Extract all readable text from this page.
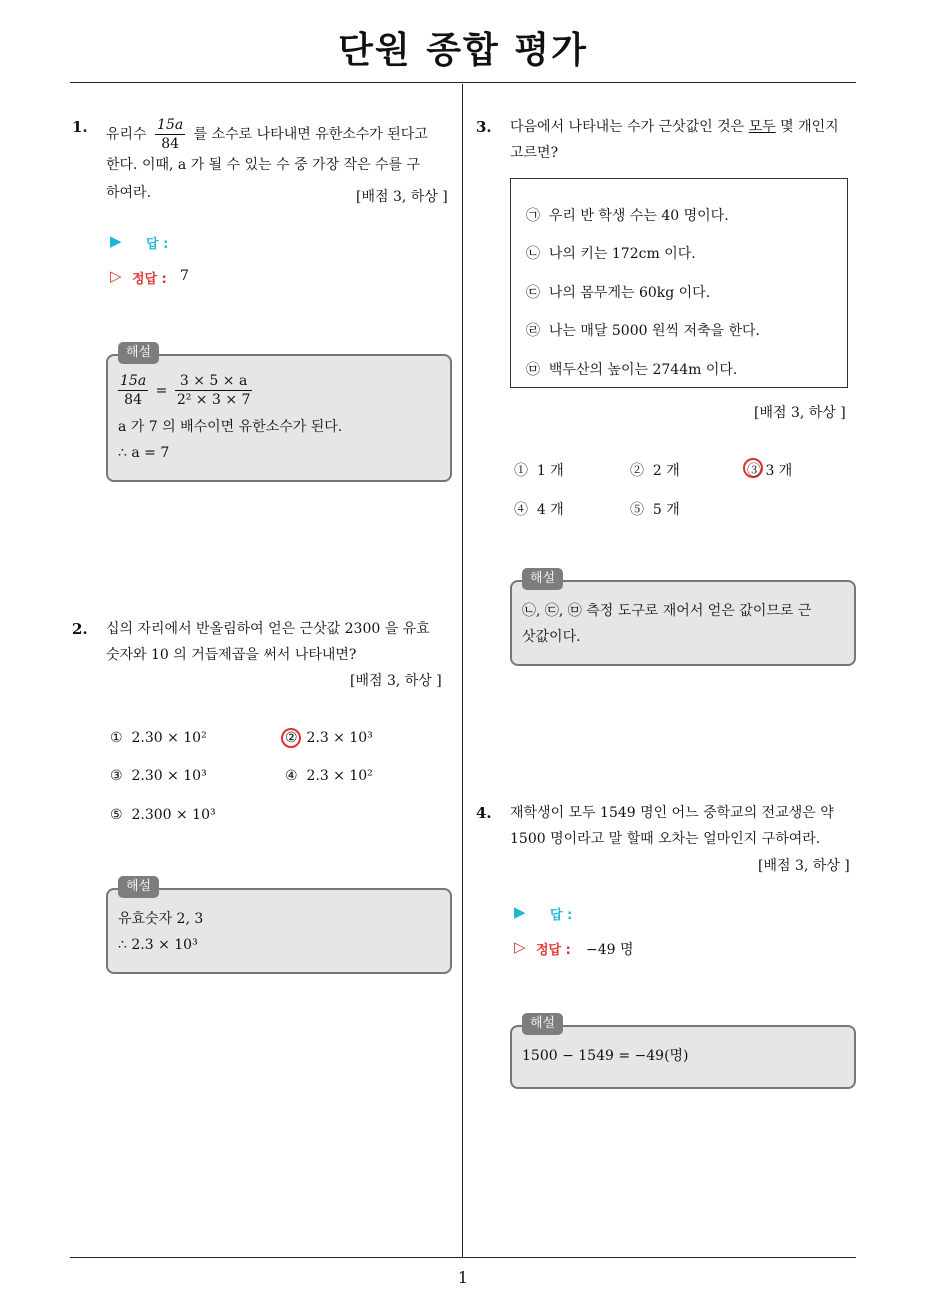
단원 종합 평가
1. 유리수 $\frac{15a}{84}$ 를 소수로 나타내면 유한소수가 된다고
한다. 이때, a 가 될 수 있는 수 중 가장 작은 수를 구
하여라.	[배점 3, 하상 ]
▶ 답 :
▷ 정답 : 7
해설
$\frac{15a}{84} = \frac{3 \times 5 \times a}{\text{2² × 3 × 7}}$
a 가 7 의 배수이면 유한소수가 된다.
∴ a = 7
2. 십의 자리에서 반올림하여 얻은 근삿값 2300 을 유효
숫자와 10 의 거듭제곱을 써서 나타내면?
[배점 3, 하상 ]
① 2.30 × 10²	② 2.3 × 10³
③ 2.30 × 10³	④ 2.3 × 10²
⑤ 2.300 × 10³
해설
유효숫자 2, 3
∴ 2.3 × 10³
3. 다음에서 나타내는 수가 근삿값인 것은 모두 몇 개인지
고르면?
㉠ 우리 반 학생 수는 40 명이다.
㉡ 나의 키는 172cm 이다.
㉢ 나의 몸무게는 60kg 이다.
㉣ 나는 매달 5000 원씩 저축을 한다.
㉤ 백두산의 높이는 2744m 이다.
[배점 3, 하상 ]
① 1 개	② 2 개	③ 3 개
④ 4 개	⑤ 5 개
해설
㉡, ㉢, ㉤ 측정 도구로 재어서 얻은 값이므로 근
삿값이다.
4. 재학생이 모두 1549 명인 어느 중학교의 전교생은 약
1500 명이라고 말 할때 오차는 얼마인지 구하여라.
[배점 3, 하상 ]
▶ 답 :
▷ 정답 : −49 명
해설
1500 − 1549 = −49(명)
1
